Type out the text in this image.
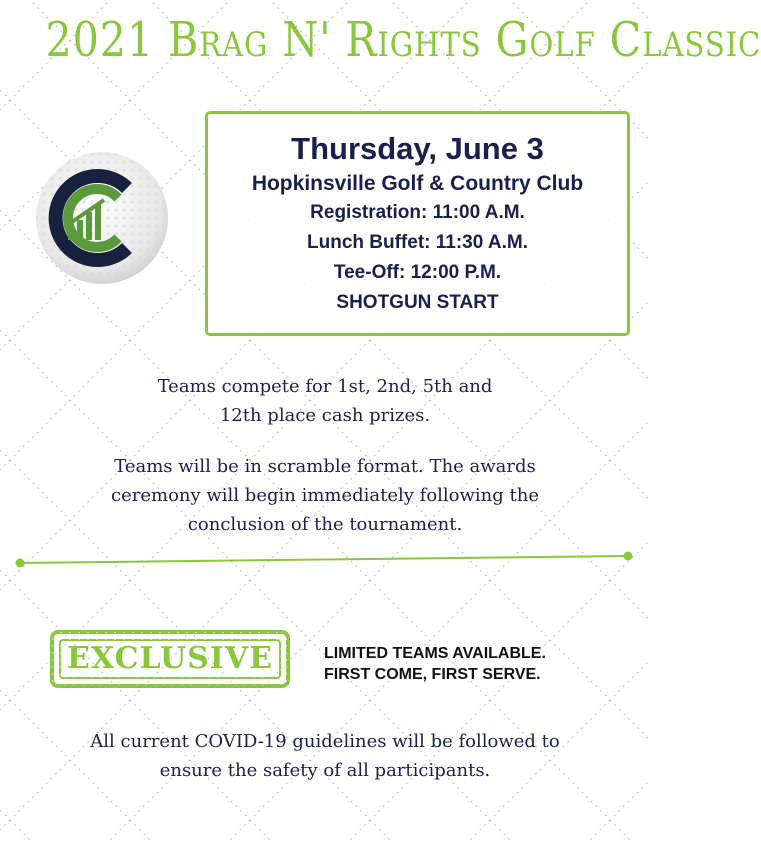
2021 Brag N' Rights Golf Classic
Thursday, June 3
Hopkinsville Golf & Country Club
Registration: 11:00 A.M.
Lunch Buffet: 11:30 A.M.
Tee-Off: 12:00 P.M.
SHOTGUN START
Teams compete for 1st, 2nd, 5th and
12th place cash prizes.
Teams will be in scramble format. The awards
ceremony will begin immediately following the
conclusion of the tournament.
EXCLUSIVE	LIMITED TEAMS AVAILABLE.
FIRST COME, FIRST SERVE.
All current COVID-19 guidelines will be followed to
ensure the safety of all participants.
